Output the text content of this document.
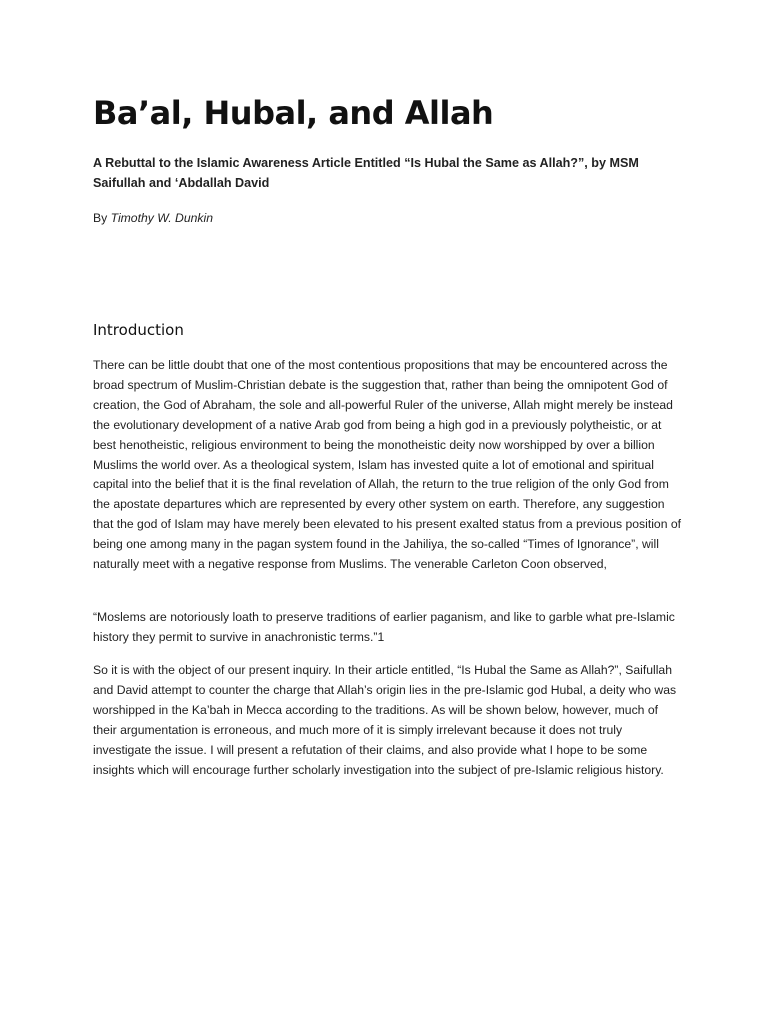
Ba’al, Hubal, and Allah

A Rebuttal to the Islamic Awareness Article Entitled “Is Hubal the Same as Allah?”, by MSM Saifullah and ‘Abdallah David

By Timothy W. Dunkin

Introduction

There can be little doubt that one of the most contentious propositions that may be encountered across the broad spectrum of Muslim-Christian debate is the suggestion that, rather than being the omnipotent God of creation, the God of Abraham, the sole and all-powerful Ruler of the universe, Allah might merely be instead the evolutionary development of a native Arab god from being a high god in a previously polytheistic, or at best henotheistic, religious environment to being the monotheistic deity now worshipped by over a billion Muslims the world over. As a theological system, Islam has invested quite a lot of emotional and spiritual capital into the belief that it is the final revelation of Allah, the return to the true religion of the only God from the apostate departures which are represented by every other system on earth. Therefore, any suggestion that the god of Islam may have merely been elevated to his present exalted status from a previous position of being one among many in the pagan system found in the Jahiliya, the so-called “Times of Ignorance”, will naturally meet with a negative response from Muslims. The venerable Carleton Coon observed,

“Moslems are notoriously loath to preserve traditions of earlier paganism, and like to garble what pre-Islamic history they permit to survive in anachronistic terms.”1

So it is with the object of our present inquiry. In their article entitled, “Is Hubal the Same as Allah?”, Saifullah and David attempt to counter the charge that Allah’s origin lies in the pre-Islamic god Hubal, a deity who was worshipped in the Ka’bah in Mecca according to the traditions. As will be shown below, however, much of their argumentation is erroneous, and much more of it is simply irrelevant because it does not truly investigate the issue. I will present a refutation of their claims, and also provide what I hope to be some insights which will encourage further scholarly investigation into the subject of pre-Islamic religious history.
